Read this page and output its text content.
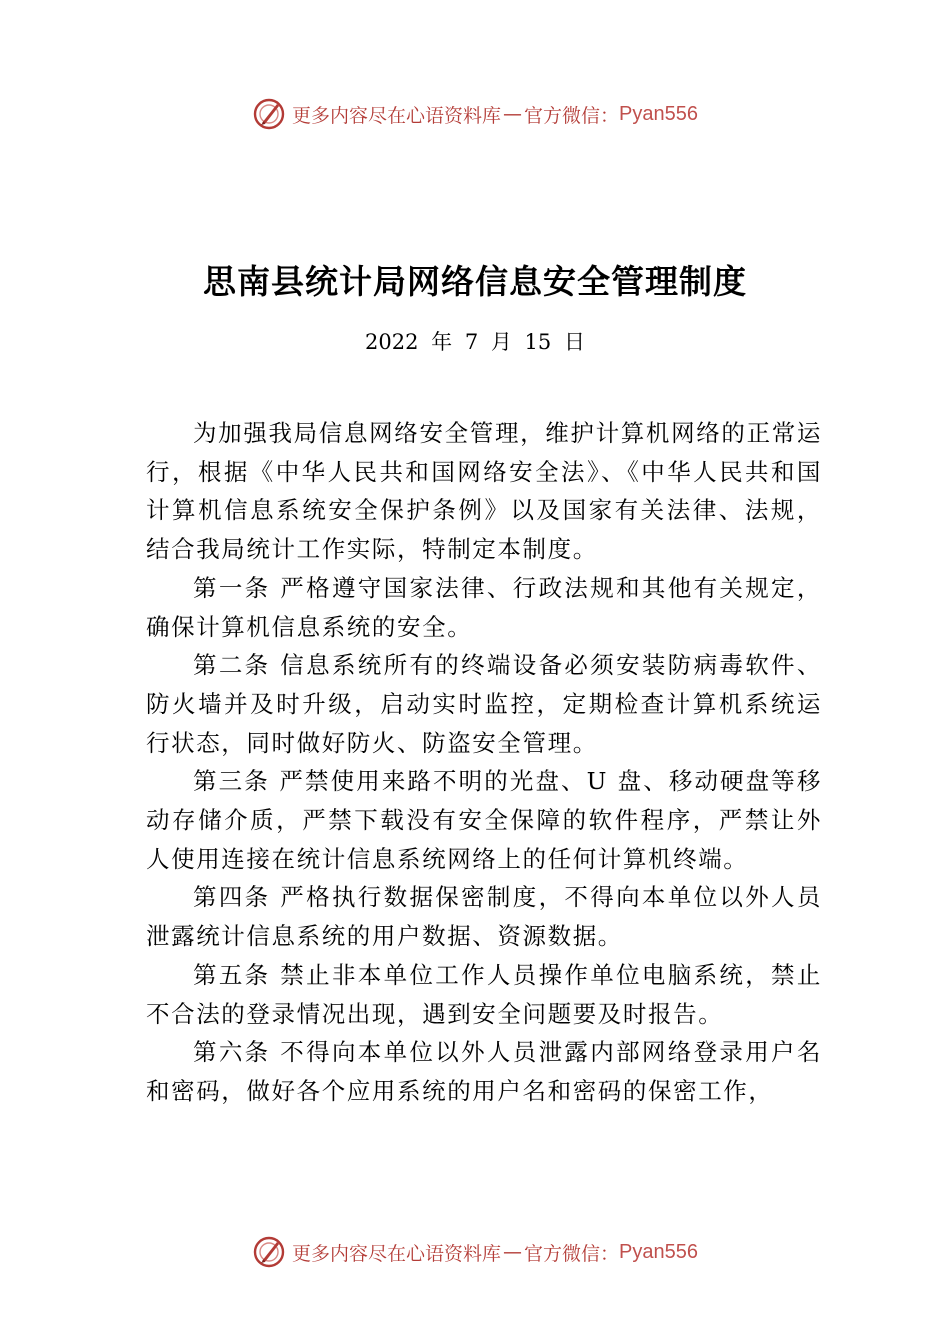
更多内容尽在心语资料库 — 官方微信： Pyan556
思南县统计局网络信息安全管理制度
2022 年 7 月 15 日

为加强我局信息网络安全管理，维护计算机网络的正常运行，根据《中华人民共和国网络安全法》、《中华人民共和国计算机信息系统安全保护条例》以及国家有关法律、法规， 结合我局统计工作实际，特制定本制度。

第一条 严格遵守国家法律、行政法规和其他有关规定，确保计算机信息系统的安全。

第二条 信息系统所有的终端设备必须安装防病毒软件、防火墙并及时升级，启动实时监控，定期检查计算机系统运行状态，同时做好防火、防盗安全管理。

第三条 严禁使用来路不明的光盘、U 盘、移动硬盘等移动存储介质，严禁下载没有安全保障的软件程序，严禁让外人使用连接在统计信息系统网络上的任何计算机终端。

第四条 严格执行数据保密制度，不得向本单位以外人员泄露统计信息系统的用户数据、资源数据。

第五条 禁止非本单位工作人员操作单位电脑系统，禁止不合法的登录情况出现，遇到安全问题要及时报告。

第六条 不得向本单位以外人员泄露内部网络登录用户名和密码，做好各个应用系统的用户名和密码的保密工作，

更多内容尽在心语资料库 — 官方微信： Pyan556
